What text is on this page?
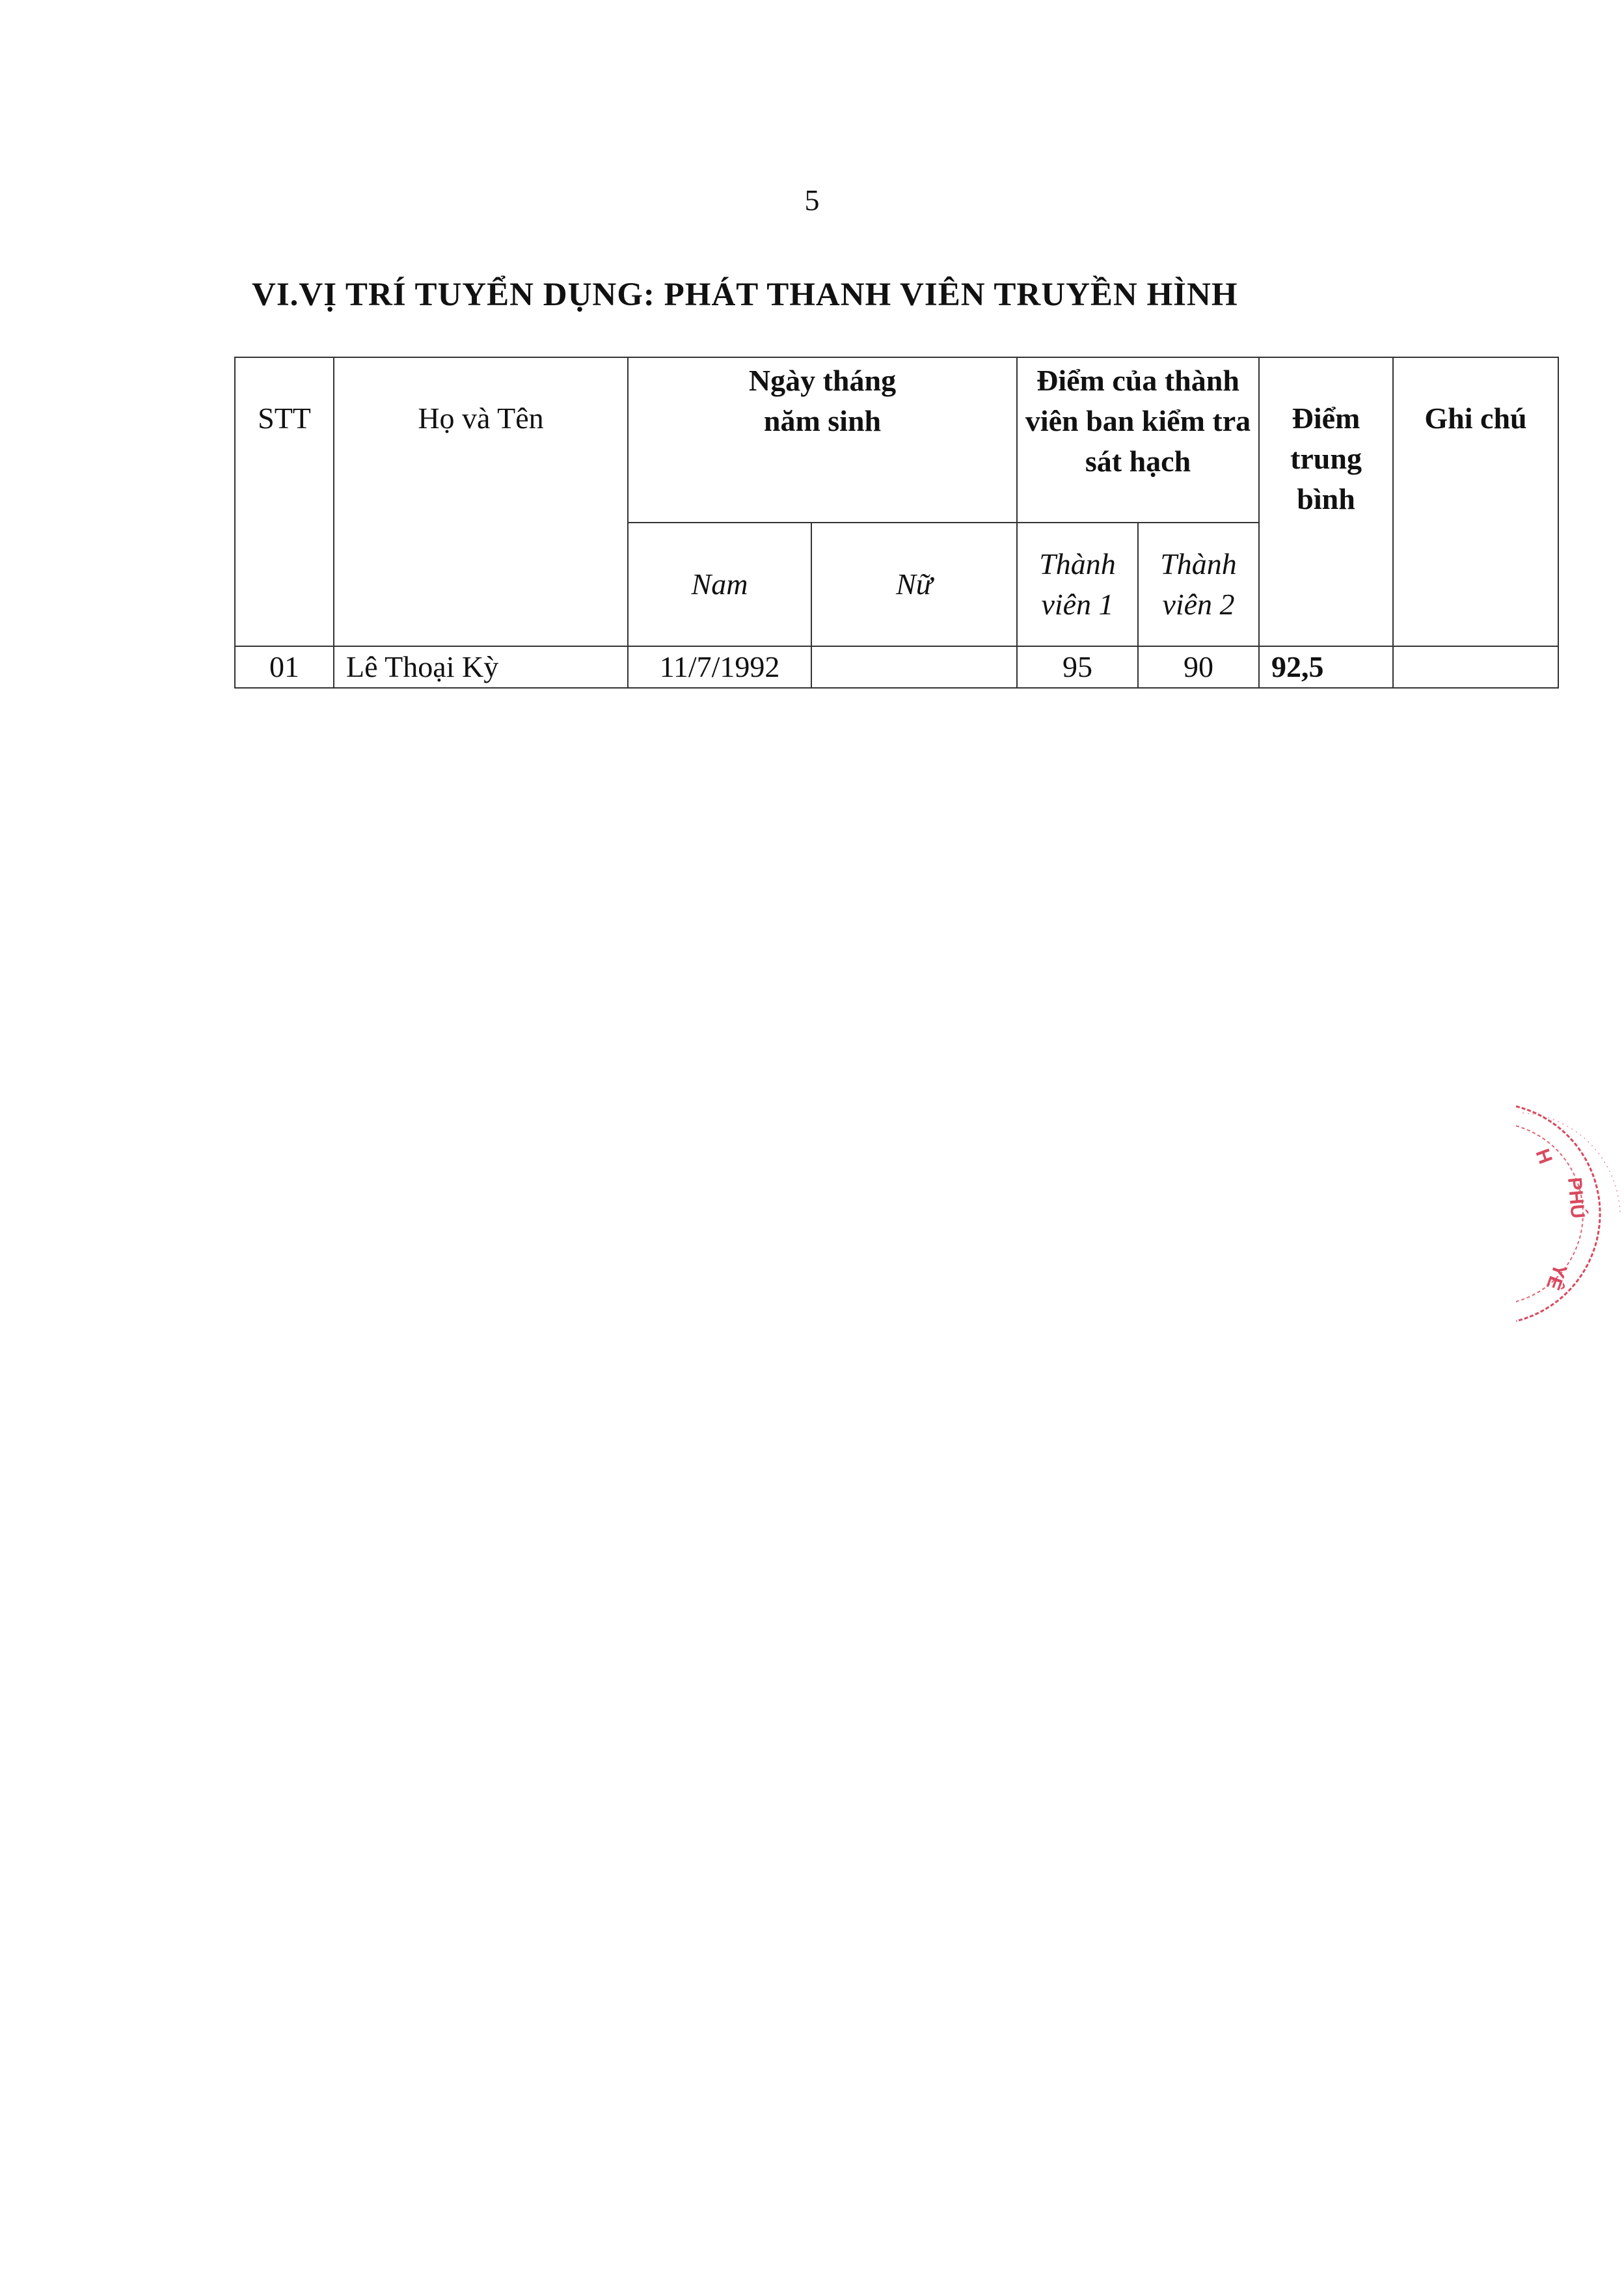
5
VI.VỊ TRÍ TUYỂN DỤNG: PHÁT THANH VIÊN TRUYỀN HÌNH
STT	Họ và Tên	Ngày tháng năm sinh		Điểm của thành viên ban kiểm tra sát hạch		Điểm trung bình	Ghi chú
		Nam	Nữ	Thành viên 1	Thành viên 2		
01	Lê Thoại Kỳ	11/7/1992		95	90	92,5	
H
PHÚ
YÊ
